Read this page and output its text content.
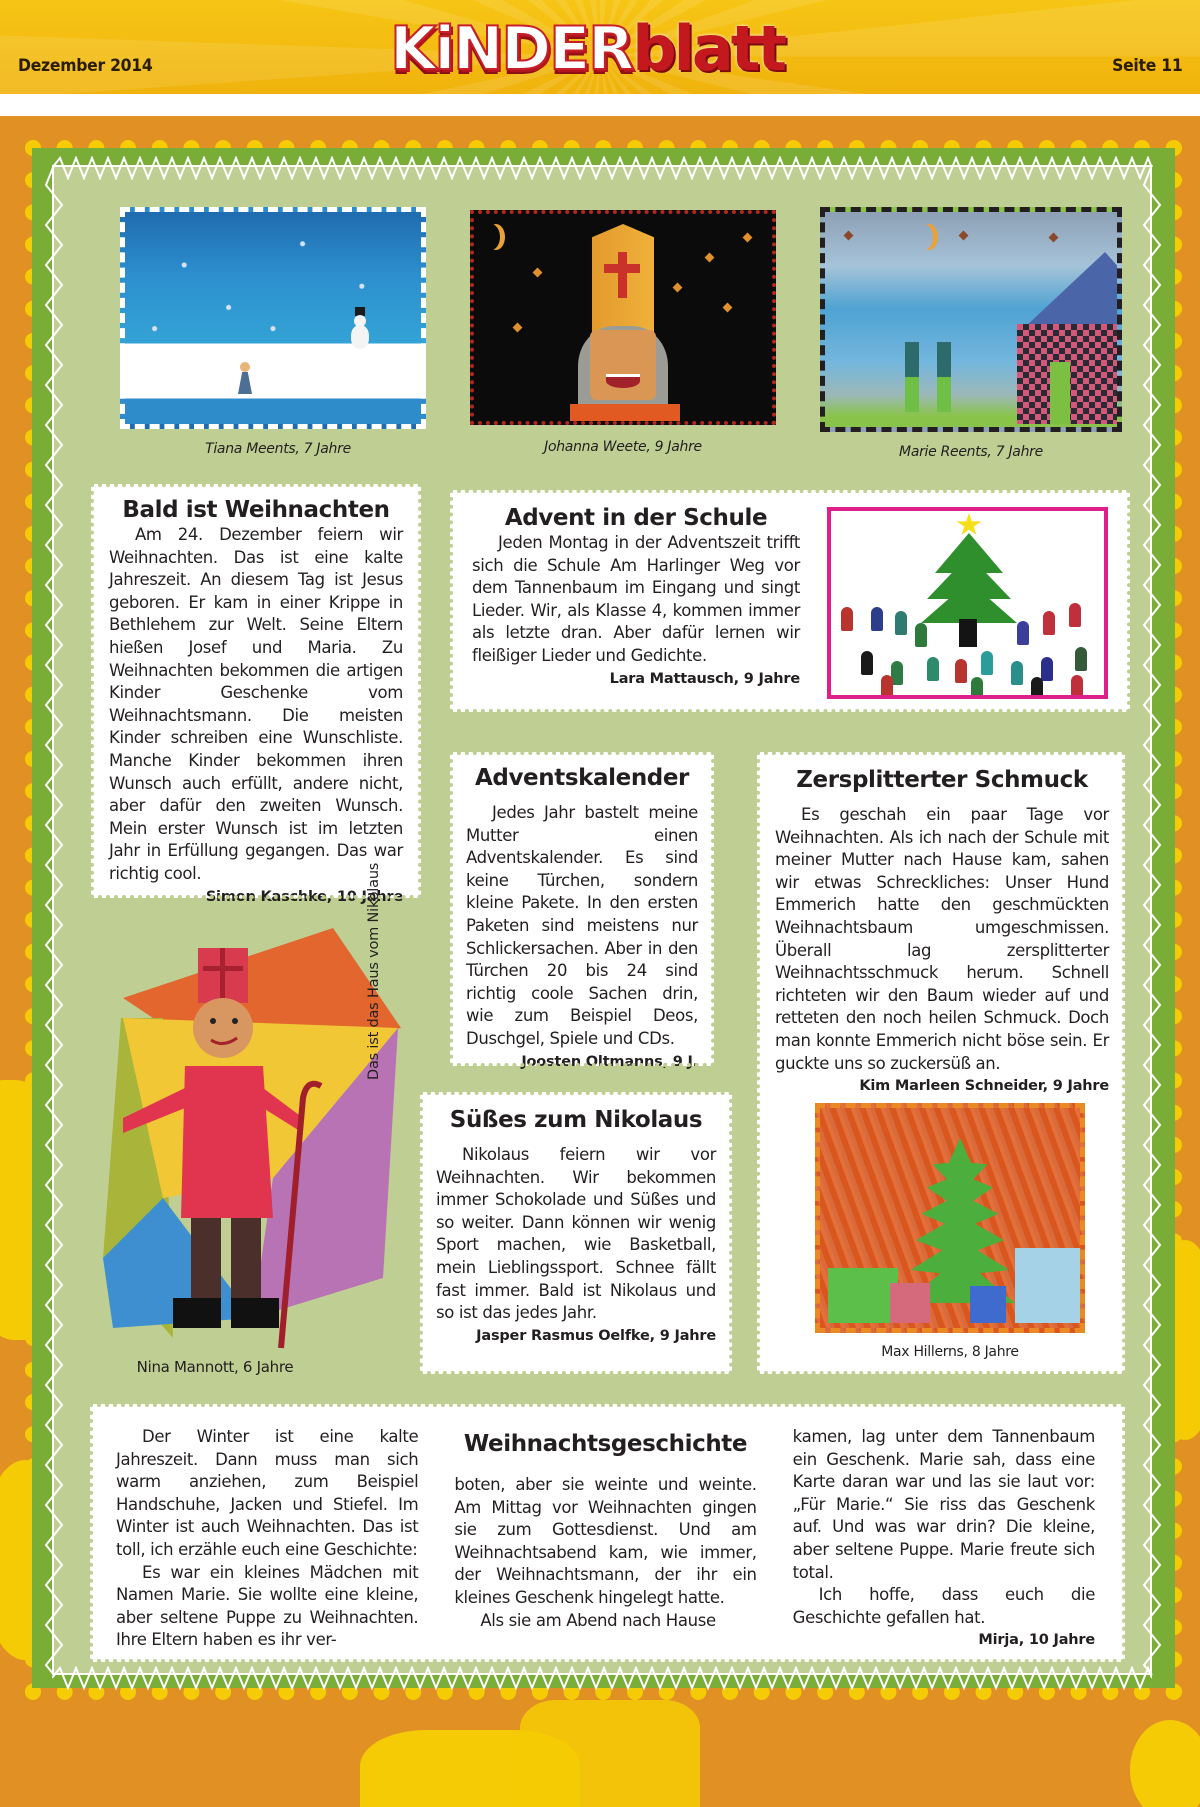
Dezember 2014	KiNDER blatt	Seite 11
Tiana Meents, 7 Jahre	Johanna Weete, 9 Jahre	Marie Reents, 7 Jahre
Bald ist Weihnachten

Am 24. Dezember feiern wir Weihnachten. Das ist eine kalte Jahreszeit. An diesem Tag ist Jesus geboren. Er kam in einer Krippe in Bethlehem zur Welt. Seine Eltern hießen Josef und Maria. Zu Weihnachten bekommen die artigen Kinder Geschenke vom Weihnachtsmann. Die meisten Kinder schreiben eine Wunschliste. Manche Kinder bekommen ihren Wunsch auch erfüllt, andere nicht, aber dafür den zweiten Wunsch. Mein erster Wunsch ist im letzten Jahr in Erfüllung gegangen. Das war richtig cool.

Simon Kaschke, 10 Jahre
Advent in der Schule

Jeden Montag in der Adventszeit trifft sich die Schule Am Harlinger Weg vor dem Tannenbaum im Eingang und singt Lieder. Wir, als Klasse 4, kommen immer als letzte dran. Aber dafür lernen wir fleißiger Lieder und Gedichte.

Lara Mattausch, 9 Jahre
Adventskalender

Jedes Jahr bastelt meine Mutter einen Adventskalender. Es sind keine Türchen, sondern kleine Pakete. In den ersten Paketen sind meistens nur Schlickersachen. Aber in den Türchen 20 bis 24 sind richtig coole Sachen drin, wie zum Beispiel Deos, Duschgel, Spiele und CDs.

Joosten Oltmanns, 9 J.
Zersplitterter Schmuck

Es geschah ein paar Tage vor Weihnachten. Als ich nach der Schule mit meiner Mutter nach Hause kam, sahen wir etwas Schreckliches: Unser Hund Emmerich hatte den geschmückten Weihnachtsbaum umgeschmissen. Überall lag zersplitterter Weihnachtsschmuck herum. Schnell richteten wir den Baum wieder auf und retteten den noch heilen Schmuck. Doch man konnte Emmerich nicht böse sein. Er guckte uns so zuckersüß an.

Kim Marleen Schneider, 9 Jahre
Max Hillerns, 8 Jahre
Süßes zum Nikolaus

Nikolaus feiern wir vor Weihnachten. Wir bekommen immer Schokolade und Süßes und so weiter. Dann können wir wenig Sport machen, wie Basketball, mein Lieblingssport. Schnee fällt fast immer. Bald ist Nikolaus und so ist das jedes Jahr.

Jasper Rasmus Oelfke, 9 Jahre
Das ist das Haus vom Nikolaus
Nina Mannott, 6 Jahre

Der Winter ist eine kalte Jahreszeit. Dann muss man sich warm anziehen, zum Beispiel Handschuhe, Jacken und Stiefel. Im Winter ist auch Weihnachten. Das ist toll, ich erzähle euch eine Geschichte:

Es war ein kleines Mädchen mit Namen Marie. Sie wollte eine kleine, aber seltene Puppe zu Weihnachten. Ihre Eltern haben es ihr ver-

Weihnachtsgeschichte

boten, aber sie weinte und weinte. Am Mittag vor Weihnachten gingen sie zum Gottesdienst. Und am Weihnachtsabend kam, wie immer, der Weihnachtsmann, der ihr ein kleines Geschenk hingelegt hatte.

Als sie am Abend nach Hause

kamen, lag unter dem Tannenbaum ein Geschenk. Marie sah, dass eine Karte daran war und las sie laut vor: „Für Marie.“ Sie riss das Geschenk auf. Und was war drin? Die kleine, aber seltene Puppe. Marie freute sich total.

Ich hoffe, dass euch die Geschichte gefallen hat.

Mirja, 10 Jahre
